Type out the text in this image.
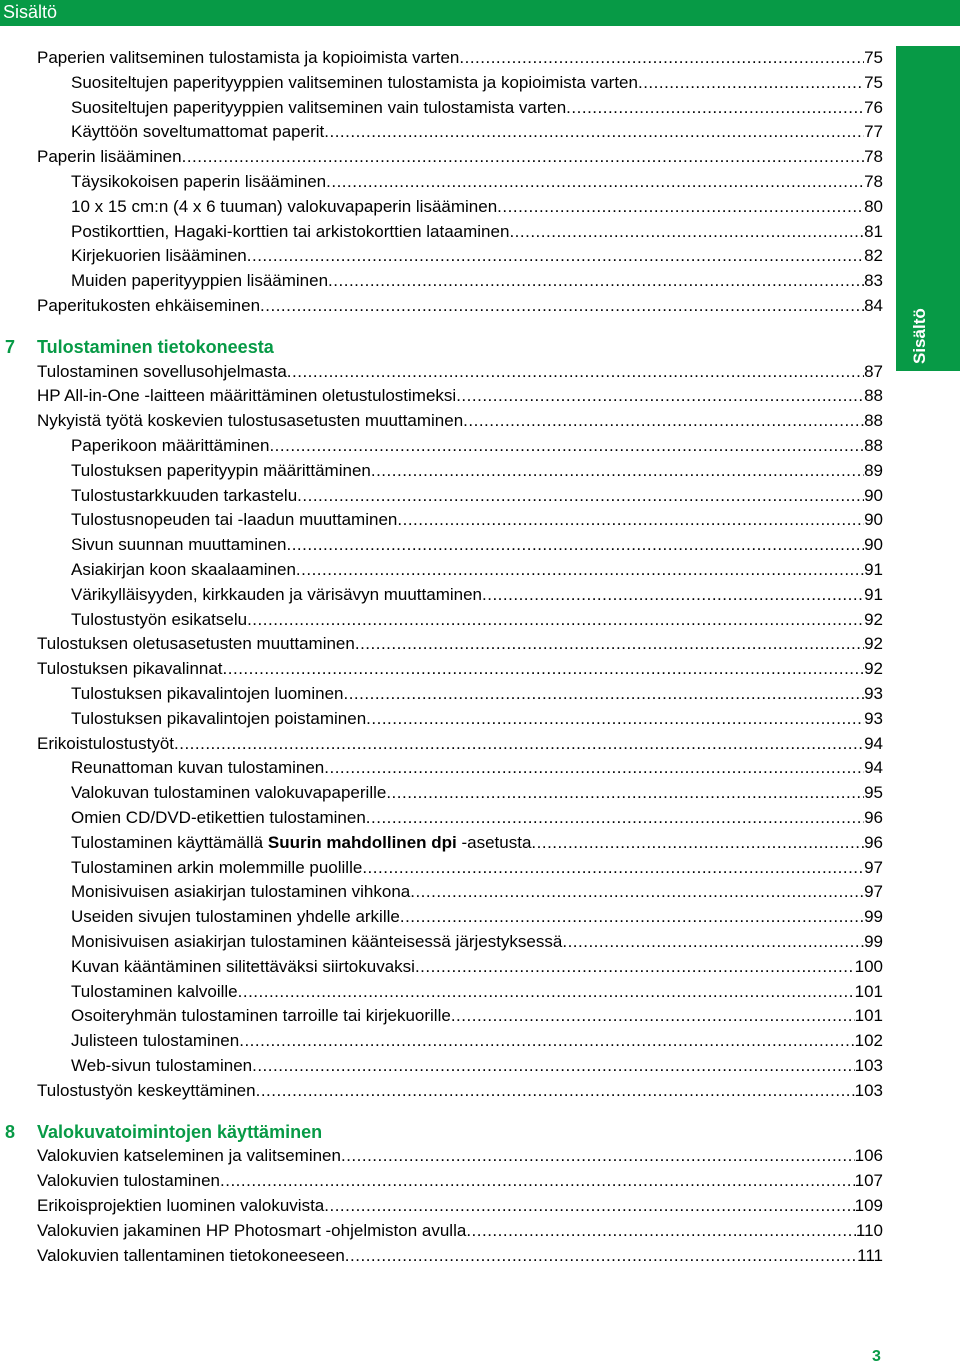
Sisältö
Sisältö
Paperien valitseminen tulostamista ja kopioimista varten .....	75
Suositeltujen paperityyppien valitseminen tulostamista ja kopioimista varten .....	75
Suositeltujen paperityyppien valitseminen vain tulostamista varten .....	76
Käyttöön soveltumattomat paperit .....	77
Paperin lisääminen .....	78
Täysikokoisen paperin lisääminen .....	78
10 x 15 cm:n (4 x 6 tuuman) valokuvapaperin lisääminen .....	80
Postikorttien, Hagaki-korttien tai arkistokorttien lataaminen .....	81
Kirjekuorien lisääminen .....	82
Muiden paperityyppien lisääminen .....	83
Paperitukosten ehkäiseminen .....	84
7 Tulostaminen tietokoneesta
Tulostaminen sovellusohjelmasta .....	87
HP All-in-One -laitteen määrittäminen oletustulostimeksi .....	88
Nykyistä työtä koskevien tulostusasetusten muuttaminen .....	88
Paperikoon määrittäminen .....	88
Tulostuksen paperityypin määrittäminen .....	89
Tulostustarkkuuden tarkastelu .....	90
Tulostusnopeuden tai -laadun muuttaminen .....	90
Sivun suunnan muuttaminen .....	90
Asiakirjan koon skaalaaminen .....	91
Värikylläisyyden, kirkkauden ja värisävyn muuttaminen .....	91
Tulostustyön esikatselu .....	92
Tulostuksen oletusasetusten muuttaminen .....	92
Tulostuksen pikavalinnat .....	92
Tulostuksen pikavalintojen luominen .....	93
Tulostuksen pikavalintojen poistaminen .....	93
Erikoistulostustyöt .....	94
Reunattoman kuvan tulostaminen .....	94
Valokuvan tulostaminen valokuvapaperille .....	95
Omien CD/DVD-etikettien tulostaminen .....	96
Tulostaminen käyttämällä Suurin mahdollinen dpi -asetusta .....	96
Tulostaminen arkin molemmille puolille .....	97
Monisivuisen asiakirjan tulostaminen vihkona .....	97
Useiden sivujen tulostaminen yhdelle arkille .....	99
Monisivuisen asiakirjan tulostaminen käänteisessä järjestyksessä .....	99
Kuvan kääntäminen silitettäväksi siirtokuvaksi .....	100
Tulostaminen kalvoille .....	101
Osoiteryhmän tulostaminen tarroille tai kirjekuorille .....	101
Julisteen tulostaminen .....	102
Web-sivun tulostaminen .....	103
Tulostustyön keskeyttäminen .....	103
8 Valokuvatoimintojen käyttäminen
Valokuvien katseleminen ja valitseminen .....	106
Valokuvien tulostaminen .....	107
Erikoisprojektien luominen valokuvista .....	109
Valokuvien jakaminen HP Photosmart -ohjelmiston avulla .....	110
Valokuvien tallentaminen tietokoneeseen .....	111
3
